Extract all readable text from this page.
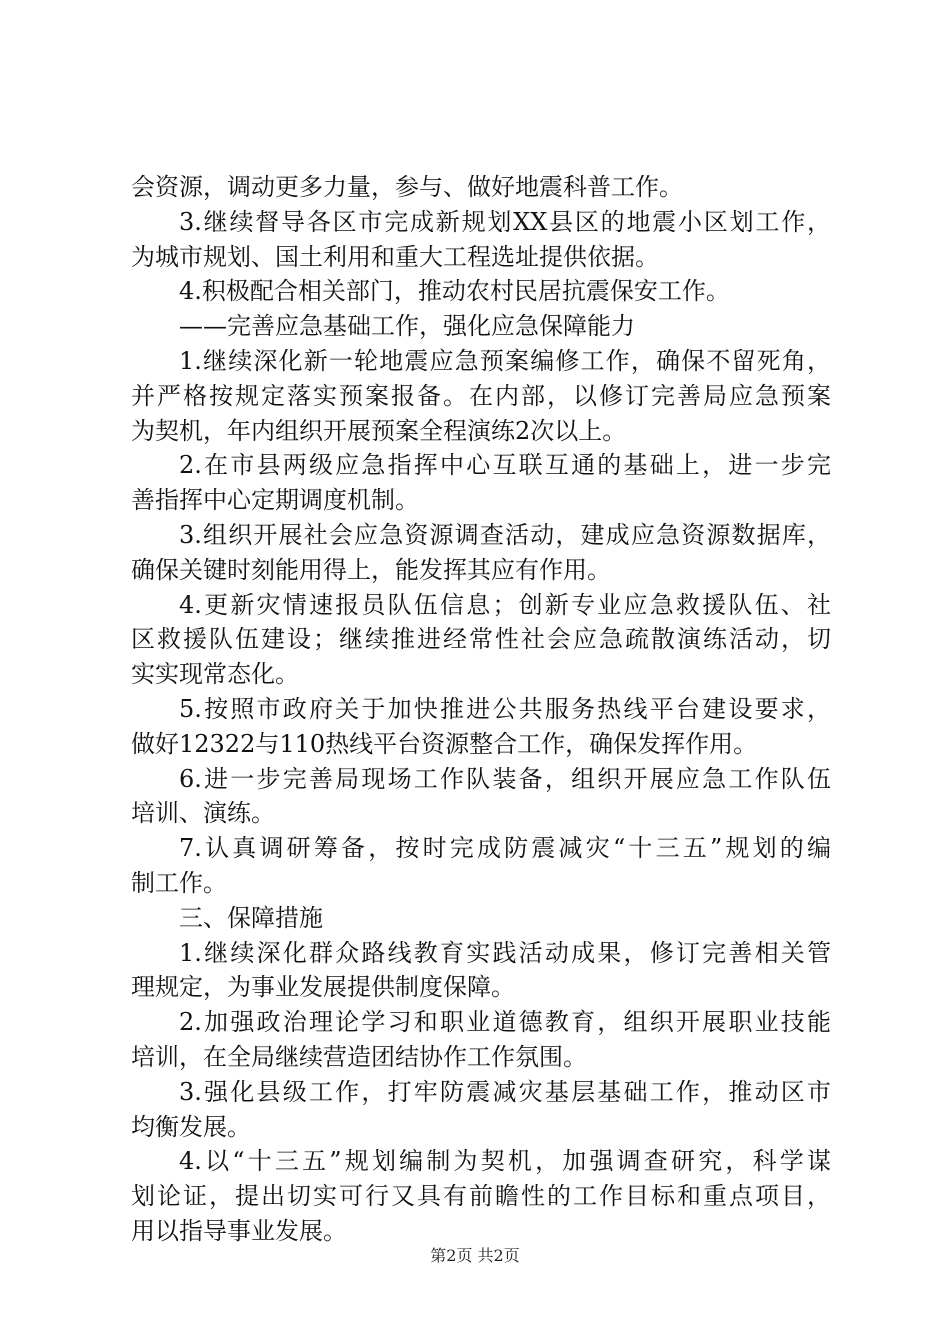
会资源，调动更多力量，参与、做好地震科普工作。
3.继续督导各区市完成新规划XX县区的地震小区划工作，
为城市规划、国土利用和重大工程选址提供依据。
4.积极配合相关部门，推动农村民居抗震保安工作。
——完善应急基础工作，强化应急保障能力
1.继续深化新一轮地震应急预案编修工作，确保不留死角，
并严格按规定落实预案报备。在内部，以修订完善局应急预案
为契机，年内组织开展预案全程演练2次以上。
2.在市县两级应急指挥中心互联互通的基础上，进一步完
善指挥中心定期调度机制。
3.组织开展社会应急资源调查活动，建成应急资源数据库，
确保关键时刻能用得上，能发挥其应有作用。
4.更新灾情速报员队伍信息；创新专业应急救援队伍、社
区救援队伍建设；继续推进经常性社会应急疏散演练活动，切
实实现常态化。
5.按照市政府关于加快推进公共服务热线平台建设要求，
做好12322与110热线平台资源整合工作，确保发挥作用。
6.进一步完善局现场工作队装备，组织开展应急工作队伍
培训、演练。
7.认真调研筹备，按时完成防震减灾“十三五”规划的编
制工作。
三、保障措施
1.继续深化群众路线教育实践活动成果，修订完善相关管
理规定，为事业发展提供制度保障。
2.加强政治理论学习和职业道德教育，组织开展职业技能
培训，在全局继续营造团结协作工作氛围。
3.强化县级工作，打牢防震减灾基层基础工作，推动区市
均衡发展。
4.以“十三五”规划编制为契机，加强调查研究，科学谋
划论证，提出切实可行又具有前瞻性的工作目标和重点项目，
用以指导事业发展。
第2页 共2页
